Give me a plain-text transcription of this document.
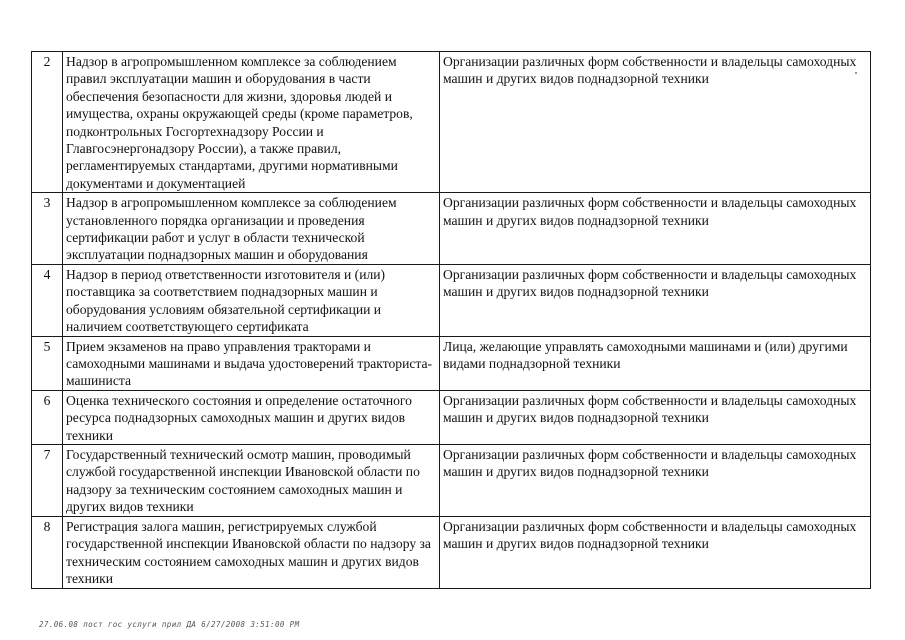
2	Надзор в агропромышленном комплексе за соблюдением правил эксплуатации машин и оборудования в части обеспечения безопасности для жизни, здоровья людей и имущества, охраны окружающей среды (кроме параметров, подконтрольных Госгортехнадзору России и Главгосэнергонадзору России), а также правил, регламентируемых стандартами, другими нормативными документами и документацией	Организации различных форм собственности и владельцы самоходных машин и других видов поднадзорной техники
3	Надзор в агропромышленном комплексе за соблюдением установленного порядка организации и проведения сертификации работ и услуг в области технической эксплуатации поднадзорных машин и оборудования	Организации различных форм собственности и владельцы самоходных машин и других видов поднадзорной техники
4	Надзор в период ответственности изготовителя и (или) поставщика за соответствием поднадзорных машин и оборудования условиям обязательной сертификации и наличием соответствующего сертификата	Организации различных форм собственности и владельцы самоходных машин и других видов поднадзорной техники
5	Прием экзаменов на право управления тракторами и самоходными машинами и выдача удостоверений тракториста-машиниста	Лица, желающие управлять самоходными машинами и (или) другими видами поднадзорной техники
6	Оценка технического состояния и определение остаточного ресурса поднадзорных самоходных машин и других видов техники	Организации различных форм собственности и владельцы самоходных машин и других видов поднадзорной техники
7	Государственный технический осмотр машин, проводимый службой государственной инспекции Ивановской области по надзору за техническим состоянием самоходных машин и других видов техники	Организации различных форм собственности и владельцы самоходных машин и других видов поднадзорной техники
8	Регистрация залога машин, регистрируемых службой государственной инспекции Ивановской области по надзору за техническим состоянием самоходных машин и других видов техники	Организации различных форм собственности и владельцы самоходных машин и других видов поднадзорной техники
27.06.08 пост гос услуги прил ДА 6/27/2008 3:51:00 PM
